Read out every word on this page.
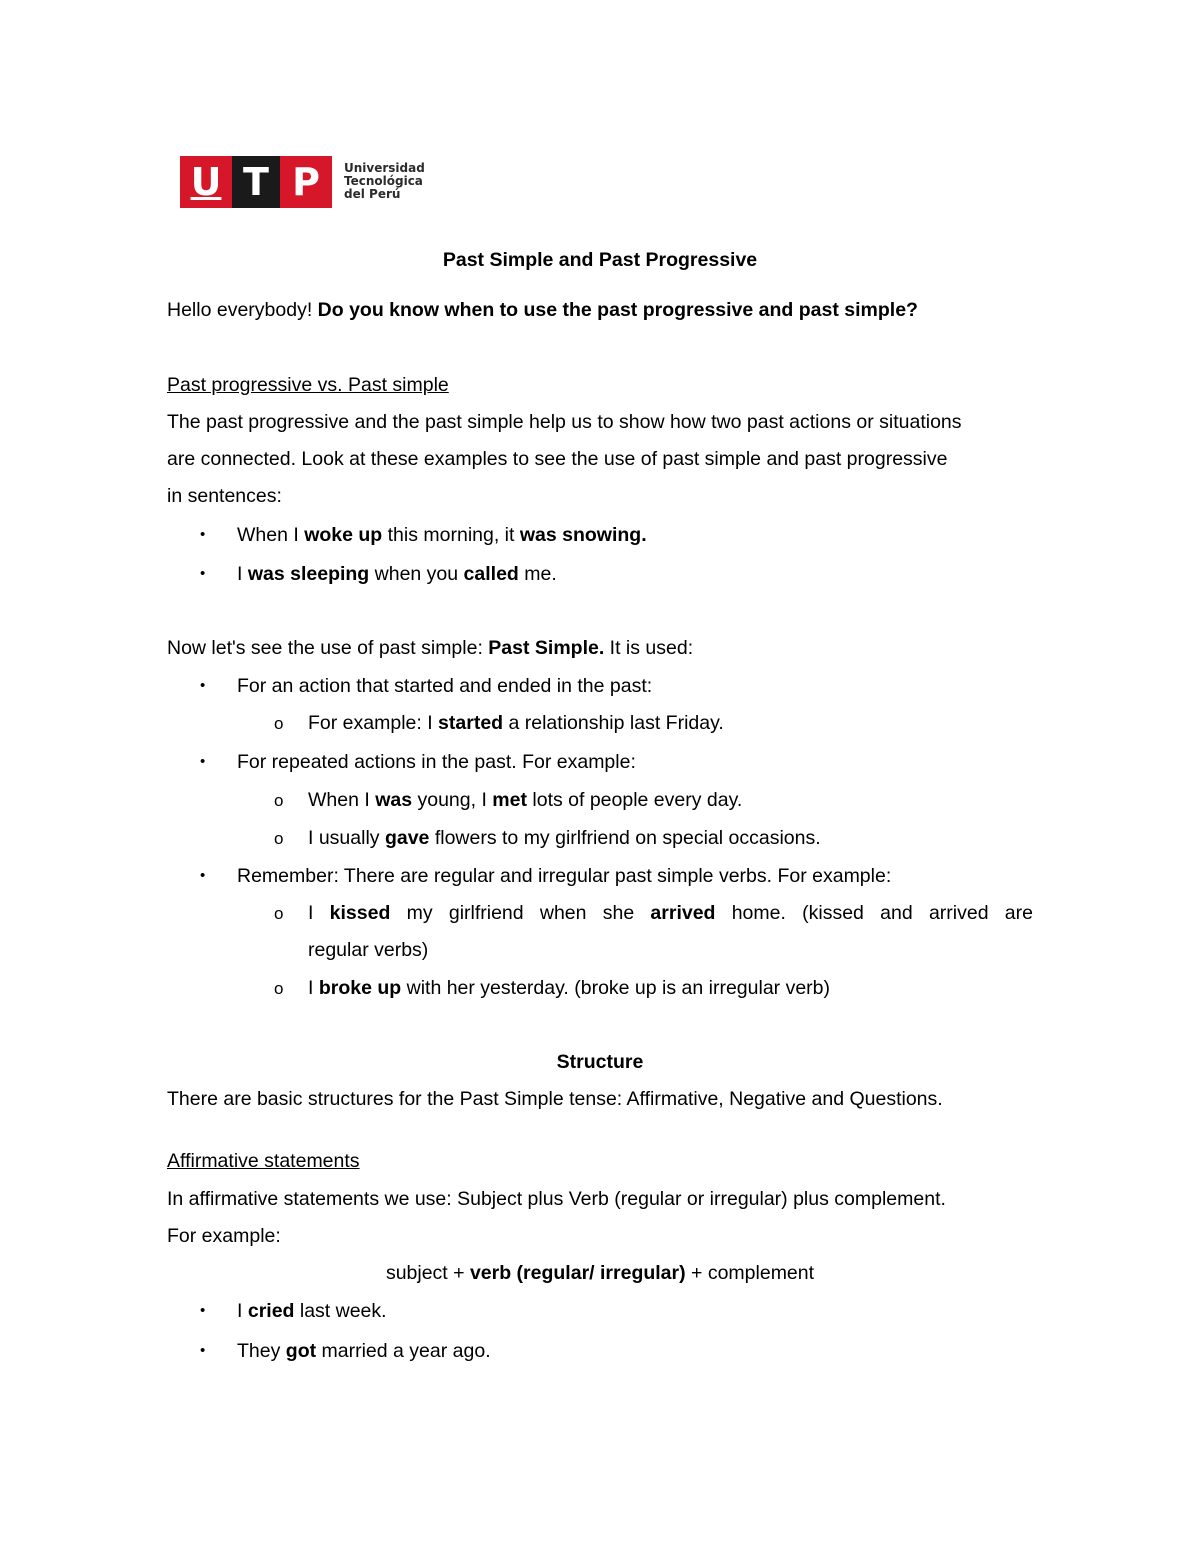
U T P	Universidad
Tecnológica
del Perú
Past Simple and Past Progressive
Hello everybody! Do you know when to use the past progressive and past simple?
Past progressive vs. Past simple
The past progressive and the past simple help us to show how two past actions or situations
are connected. Look at these examples to see the use of past simple and past progressive
in sentences:
• When I woke up this morning, it was snowing.
• I was sleeping when you called me.
Now let's see the use of past simple: Past Simple. It is used:
• For an action that started and ended in the past:
o For example: I started a relationship last Friday.
• For repeated actions in the past. For example:
o When I was young, I met lots of people every day.
o I usually gave flowers to my girlfriend on special occasions.
• Remember: There are regular and irregular past simple verbs. For example:
o I kissed my girlfriend when she arrived home. (kissed and arrived are
regular verbs)
o I broke up with her yesterday. (broke up is an irregular verb)
Structure
There are basic structures for the Past Simple tense: Affirmative, Negative and Questions.
Affirmative statements
In affirmative statements we use: Subject plus Verb (regular or irregular) plus complement.
For example:
subject + verb (regular/ irregular) + complement
• I cried last week.
• They got married a year ago.
